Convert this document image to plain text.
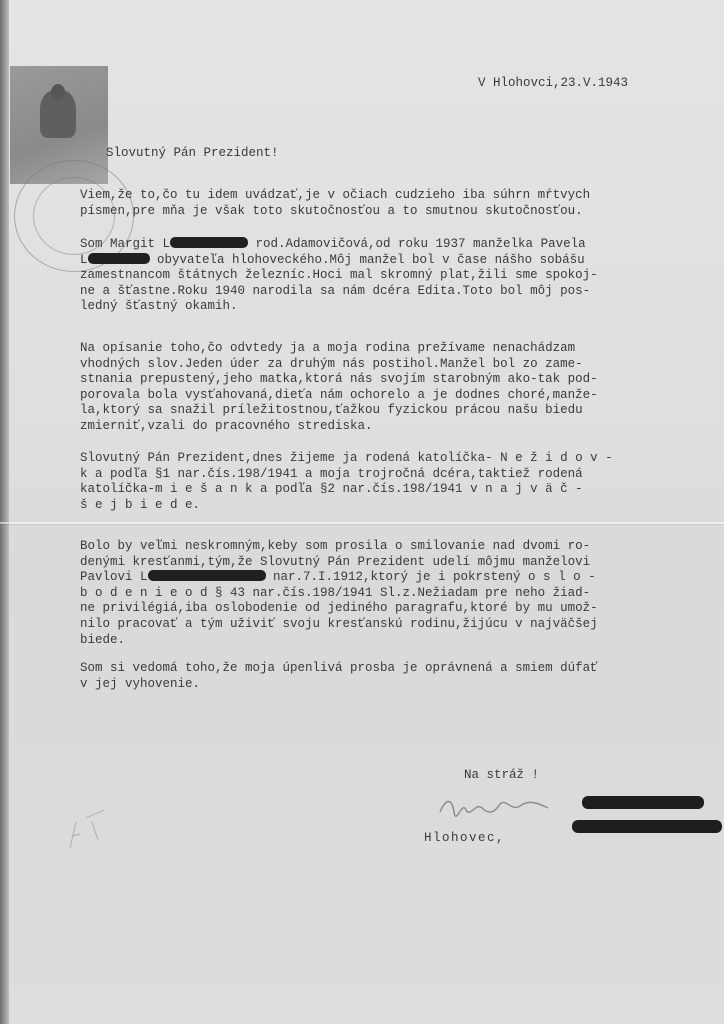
V Hlohovci,23.V.1943
Slovutný Pán Prezident!
Viem,že to,čo tu idem uvádzať,je v očiach cudzieho iba súhrn mŕtvych
písmen,pre mňa je však toto skutočnosťou a to smutnou skutočnosťou.
Som Margit L	rod.Adamovičová,od roku 1937 manželka Pavela
L	obyvateľa hlohoveckého.Môj manžel bol v čase nášho sobášu
zamestnancom štátnych železníc.Hoci mal skromný plat,žili sme spokoj-
ne a šťastne.Roku 1940 narodila sa nám dcéra Edita.Toto bol môj pos-
ledný šťastný okamih.
Na opísanie toho,čo odvtedy ja a moja rodina prežívame nenachádzam
vhodných slov.Jeden úder za druhým nás postihol.Manžel bol zo zame-
stnania prepustený,jeho matka,ktorá nás svojím starobným ako-tak pod-
porovala bola vysťahovaná,dieťa nám ochorelo a je dodnes choré,manže-
la,ktorý sa snažil príležitostnou,ťažkou fyzickou prácou našu biedu
zmierniť,vzali do pracovného strediska.
Slovutný Pán Prezident,dnes žijeme ja rodená katolíčka- N e ž i d o v -
k a podľa §1 nar.čís.198/1941 a moja trojročná dcéra,taktiež rodená
katolíčka-m i e š a n k a podľa §2 nar.čís.198/1941 v n a j v ä č -
š e j b i e d e.
Bolo by veľmi neskromným,keby som prosila o smilovanie nad dvomi ro-
denými kresťanmi,tým,že Slovutný Pán Prezident udelí môjmu manželovi
Pavlovi L	nar.7.I.1912,ktorý je i pokrstený o s l o -
b o d e n i e o d § 43 nar.čís.198/1941 Sl.z.Nežiadam pre neho žiad-
ne privilégiá,iba oslobodenie od jediného paragrafu,ktoré by mu umož-
nilo pracovať a tým uživiť svoju kresťanskú rodinu,žijúcu v najväčšej
biede.
Som si vedomá toho,že moja úpenlivá prosba je oprávnená a smiem dúfať
v jej vyhovenie.
Na stráž !
Hlohovec,
